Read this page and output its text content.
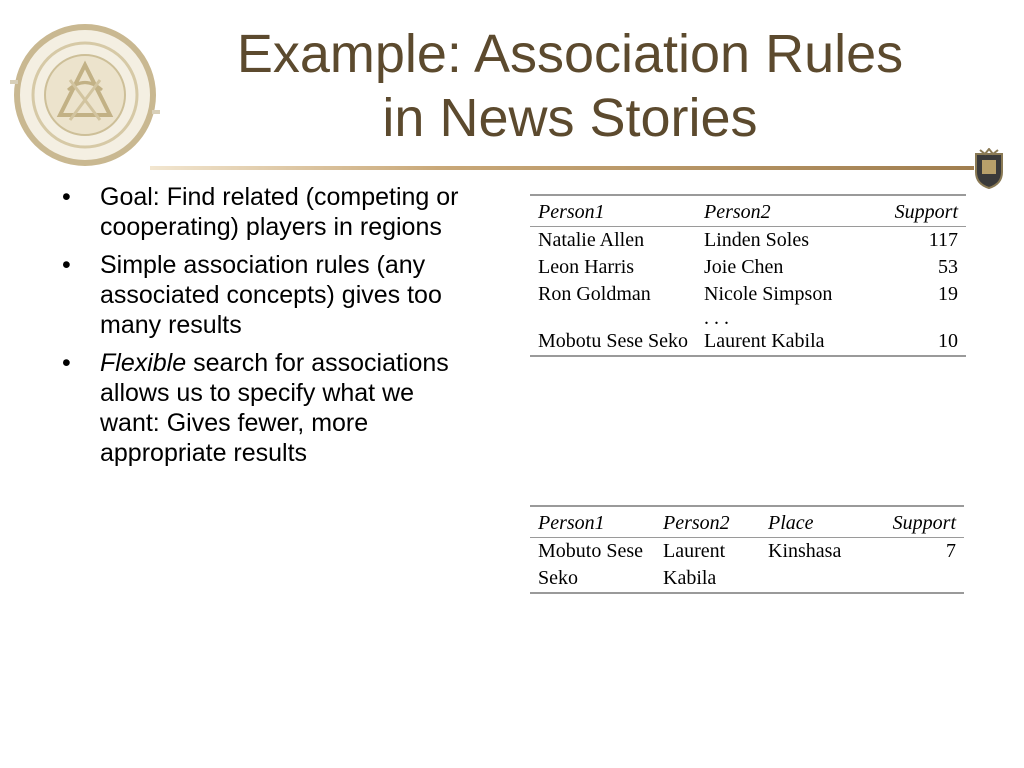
Example: Association Rules
in News Stories
• Goal: Find related (competing or cooperating) players in regions
• Simple association rules (any associated concepts) gives too many results
• Flexible search for associations allows us to specify what we want: Gives fewer, more appropriate results
Person1	Person2	Support
Natalie Allen	Linden Soles	117
Leon Harris	Joie Chen	53
Ron Goldman	Nicole Simpson	19
	. . .	
Mobotu Sese Seko	Laurent Kabila	10
Person1	Person2	Place	Support
Mobuto Sese Seko	Laurent Kabila	Kinshasa	7
